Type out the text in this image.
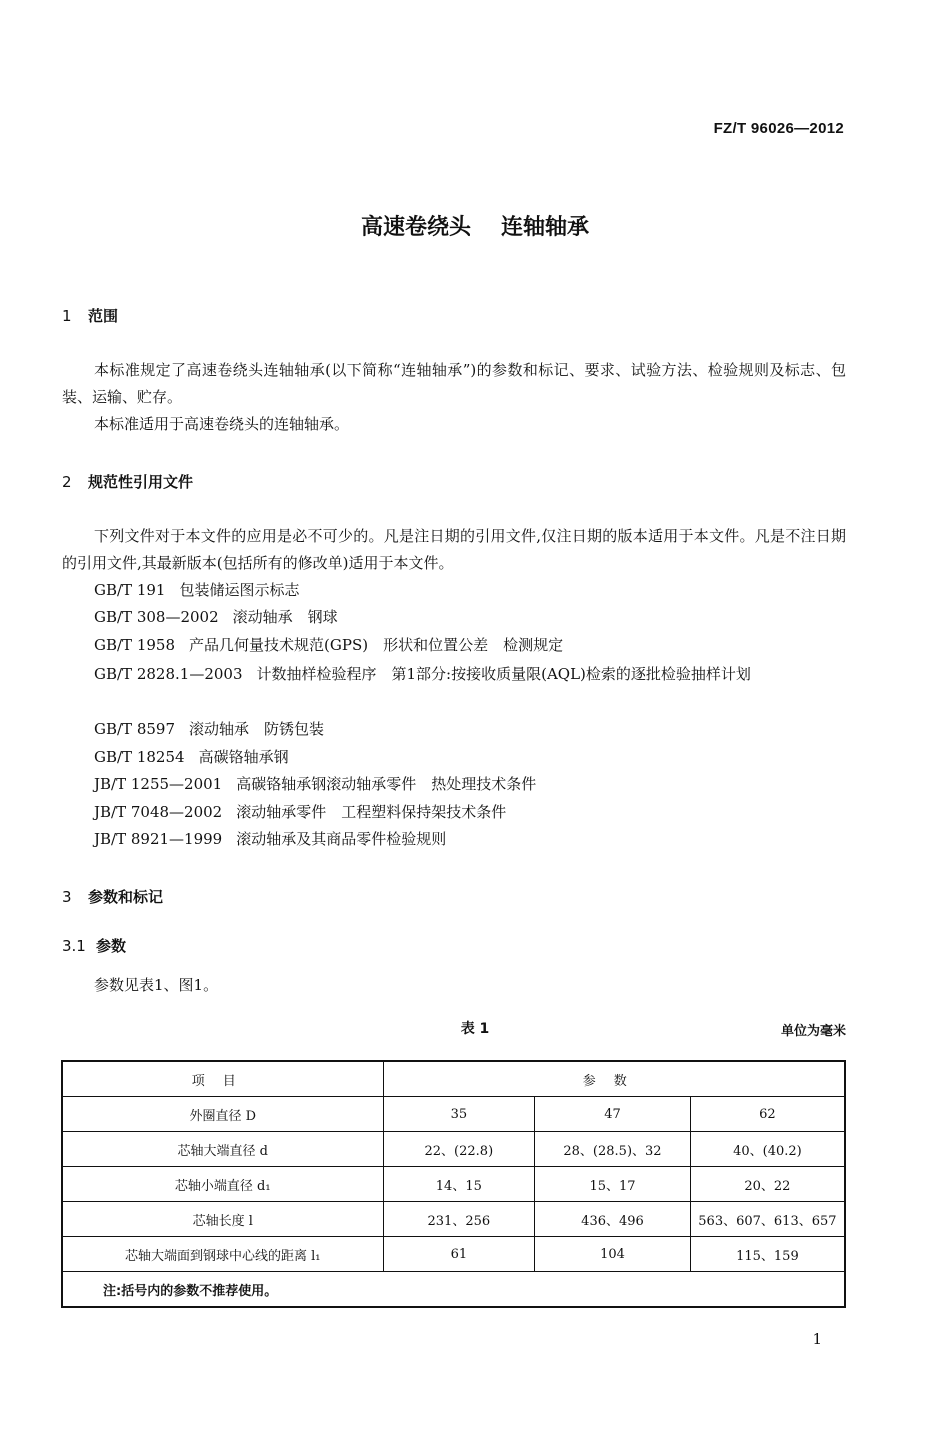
FZ/T 96026—2012
高速卷绕头 连轴轴承
1 范围
本标准规定了高速卷绕头连轴轴承(以下简称“连轴轴承”)的参数和标记、要求、试验方法、检验规则及标志、包装、运输、贮存。
本标准适用于高速卷绕头的连轴轴承。
2 规范性引用文件
下列文件对于本文件的应用是必不可少的。凡是注日期的引用文件,仅注日期的版本适用于本文件。凡是不注日期的引用文件,其最新版本(包括所有的修改单)适用于本文件。
GB/T 191 包装储运图示标志
GB/T 308—2002 滚动轴承　钢球
GB/T 1958 产品几何量技术规范(GPS)　形状和位置公差　检测规定
GB/T 2828.1—2003 计数抽样检验程序　第1部分:按接收质量限(AQL)检索的逐批检验抽样计划
GB/T 8597 滚动轴承　防锈包装
GB/T 18254 高碳铬轴承钢
JB/T 1255—2001 高碳铬轴承钢滚动轴承零件　热处理技术条件
JB/T 7048—2002 滚动轴承零件　工程塑料保持架技术条件
JB/T 8921—1999 滚动轴承及其商品零件检验规则
3 参数和标记
3.1 参数
参数见表1、图1。
表 1	单位为毫米
项目	参数		
外圈直径 D	35	47	62
芯轴大端直径 d	22、(22.8)	28、(28.5)、32	40、(40.2)
芯轴小端直径 d₁	14、15	15、17	20、22
芯轴长度 l	231、256	436、496	563、607、613、657
芯轴大端面到钢球中心线的距离 l₁	61	104	115、159
注:括号内的参数不推荐使用。			
1
